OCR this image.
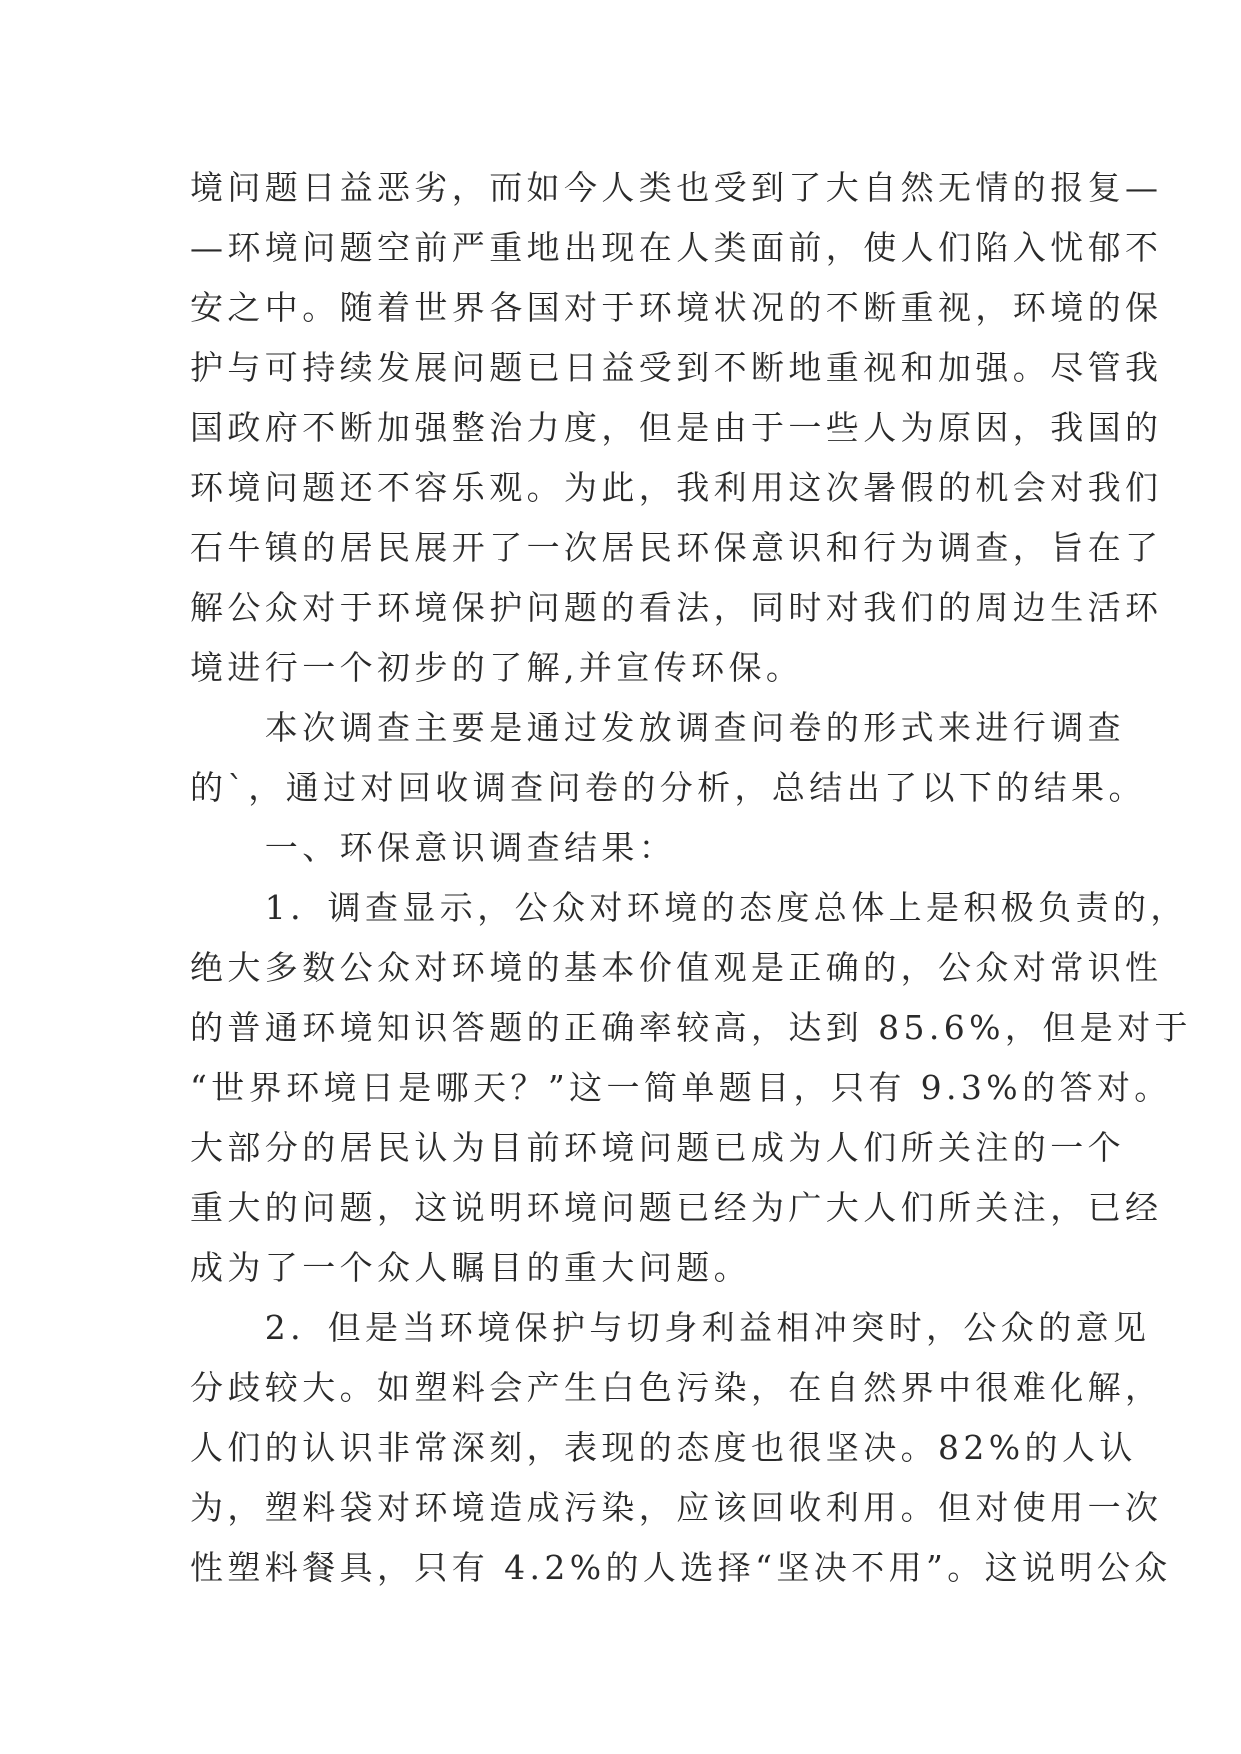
境问题日益恶劣，而如今人类也受到了大自然无情的报复—
—环境问题空前严重地出现在人类面前，使人们陷入忧郁不
安之中。随着世界各国对于环境状况的不断重视，环境的保
护与可持续发展问题已日益受到不断地重视和加强。尽管我
国政府不断加强整治力度，但是由于一些人为原因，我国的
环境问题还不容乐观。为此，我利用这次暑假的机会对我们
石牛镇的居民展开了一次居民环保意识和行为调查，旨在了
解公众对于环境保护问题的看法，同时对我们的周边生活环
境进行一个初步的了解,并宣传环保。
　　本次调查主要是通过发放调查问卷的形式来进行调查
的`，通过对回收调查问卷的分析，总结出了以下的结果。
　　一、环保意识调查结果：
　　1．调查显示，公众对环境的态度总体上是积极负责的，
绝大多数公众对环境的基本价值观是正确的，公众对常识性
的普通环境知识答题的正确率较高，达到 85.6%，但是对于
“世界环境日是哪天？”这一简单题目，只有 9.3%的答对。
大部分的居民认为目前环境问题已成为人们所关注的一个
重大的问题，这说明环境问题已经为广大人们所关注，已经
成为了一个众人瞩目的重大问题。
　　2．但是当环境保护与切身利益相冲突时，公众的意见
分歧较大。如塑料会产生白色污染，在自然界中很难化解，
人们的认识非常深刻，表现的态度也很坚决。82%的人认
为，塑料袋对环境造成污染，应该回收利用。但对使用一次
性塑料餐具，只有 4.2%的人选择“坚决不用”。这说明公众
